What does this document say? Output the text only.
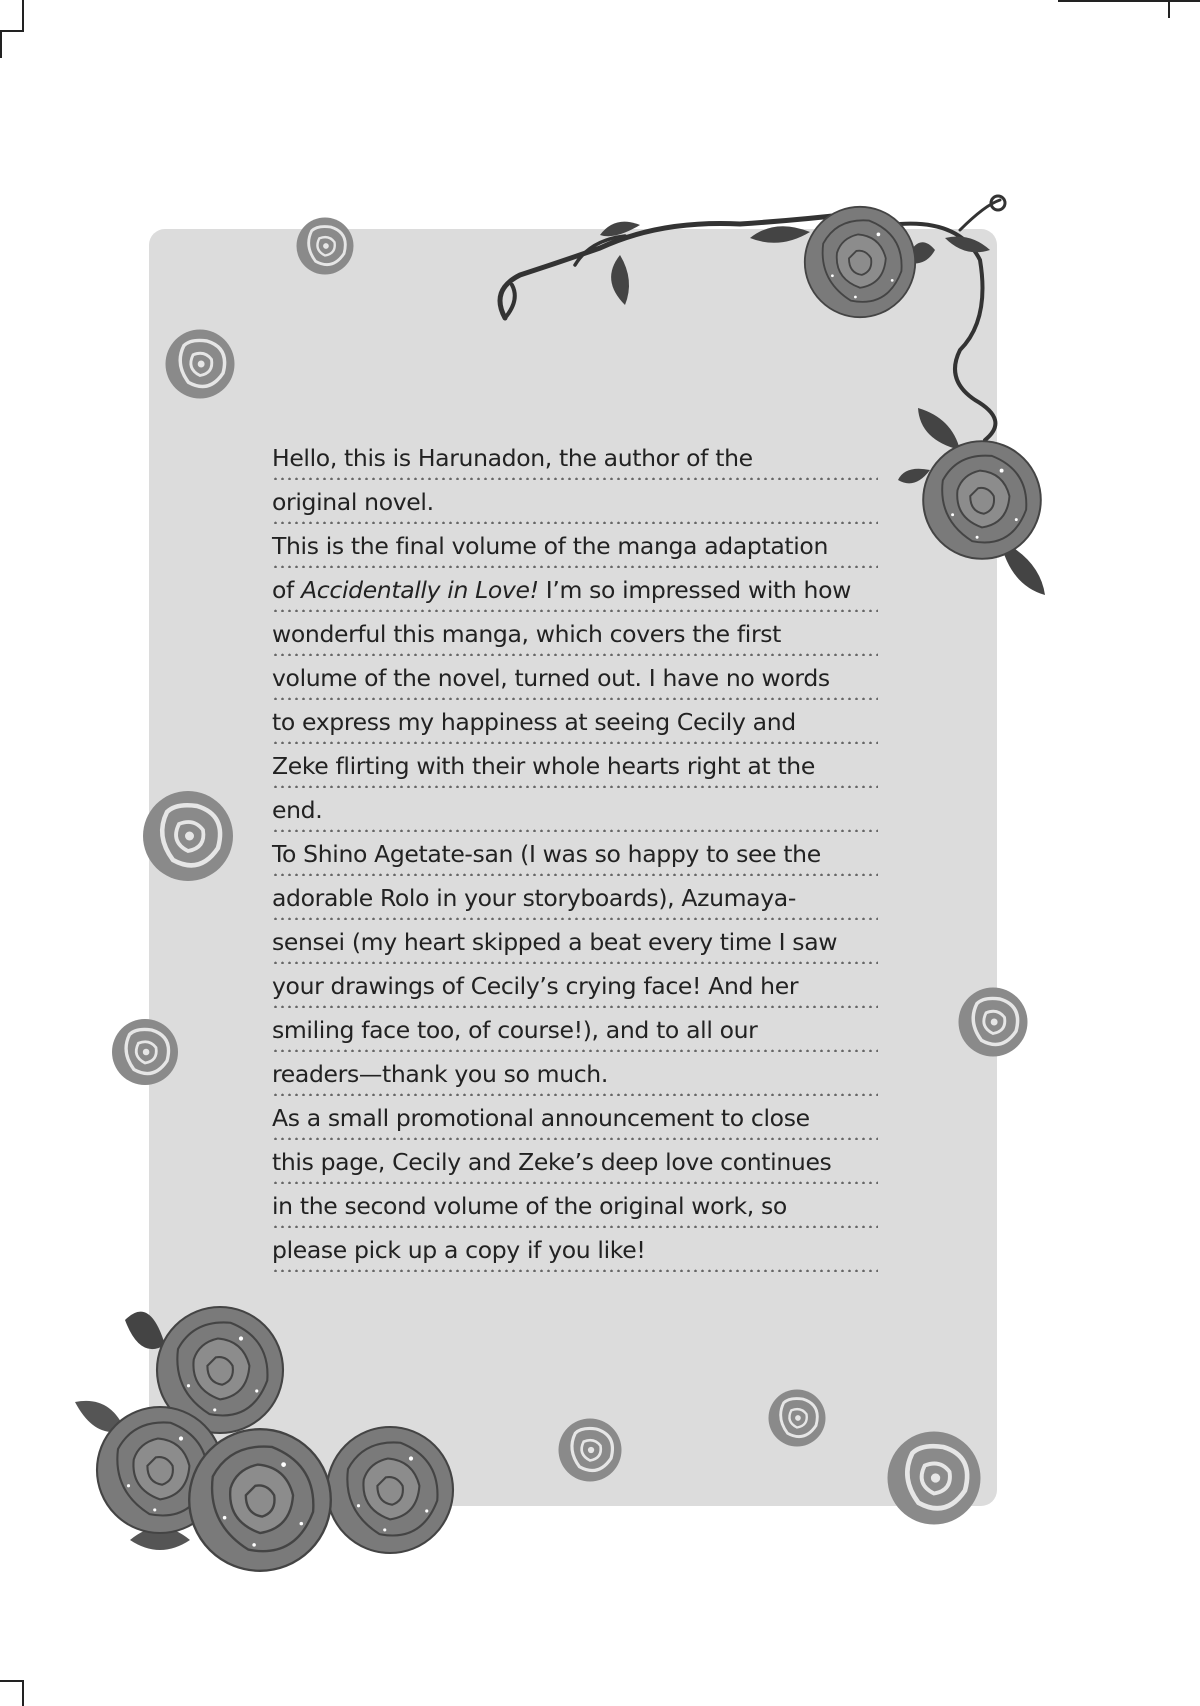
Hello, this is Harunadon, the author of the
original novel.
This is the final volume of the manga adaptation
of Accidentally in Love! I’m so impressed with how
wonderful this manga, which covers the first
volume of the novel, turned out. I have no words
to express my happiness at seeing Cecily and
Zeke flirting with their whole hearts right at the
end.
To Shino Agetate-san (I was so happy to see the
adorable Rolo in your storyboards), Azumaya-
sensei (my heart skipped a beat every time I saw
your drawings of Cecily’s crying face! And her
smiling face too, of course!), and to all our
readers—thank you so much.
As a small promotional announcement to close
this page, Cecily and Zeke’s deep love continues
in the second volume of the original work, so
please pick up a copy if you like!
